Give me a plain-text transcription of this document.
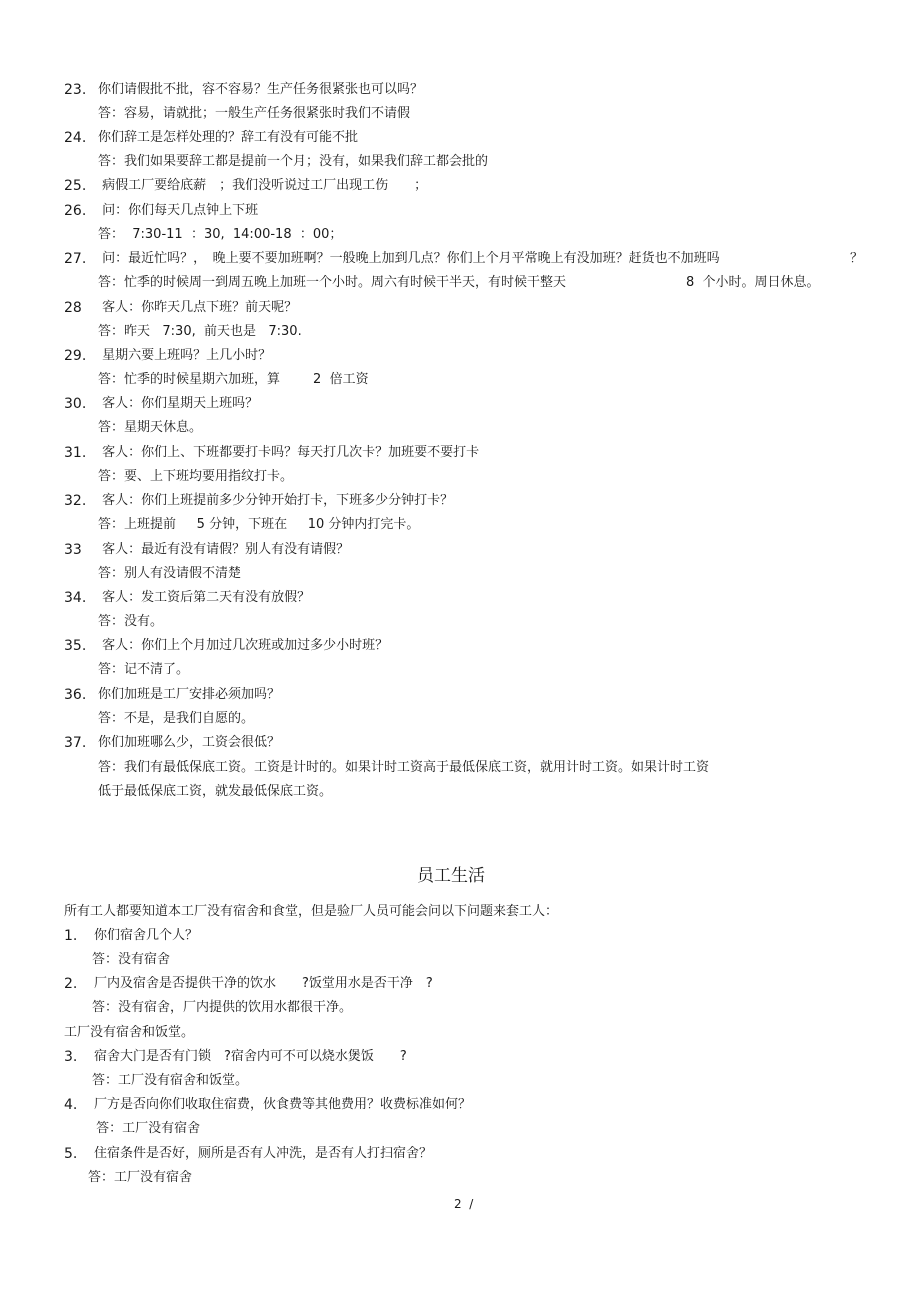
23. 你们请假批不批，容不容易？生产任务很紧张也可以吗？
答：容易，请就批；一般生产任务很紧张时我们不请假
24. 你们辞工是怎样处理的？辞工有没有可能不批
答：我们如果要辞工都是提前一个月；没有，如果我们辞工都会批的
25. 病假工厂要给底薪　；我们没听说过工厂出现工伤　　；
26. 问：你们每天几点钟上下班
答：  7:30-11  ：30,  14:00-18  ：00；
27. 问：最近忙吗？，　晚上要不要加班啊？一般晚上加到几点？你们上个月平常晚上有没加班？赶货也不加班吗	？
答：忙季的时候周一到周五晚上加班一个小时。周六有时候干半天，有时候干整天	8  个小时。周日休息。
28 客人：你昨天几点下班？前天呢？
答：昨天   7:30,  前天也是   7:30.
29. 星期六要上班吗？上几小时？
答：忙季的时候星期六加班，算        2  倍工资
30. 客人：你们星期天上班吗？
答：星期天休息。
31. 客人：你们上、下班都要打卡吗？每天打几次卡？加班要不要打卡
答：要、上下班均要用指纹打卡。
32. 客人：你们上班提前多少分钟开始打卡，下班多少分钟打卡？
答：上班提前     5 分钟，下班在     10 分钟内打完卡。
33 客人：最近有没有请假？别人有没有请假？
答：别人有没请假不清楚
34. 客人：发工资后第二天有没有放假？
答：没有。
35. 客人：你们上个月加过几次班或加过多少小时班？
答：记不清了。
36. 你们加班是工厂安排必须加吗？
答：不是，是我们自愿的。
37. 你们加班哪么少，工资会很低？
答：我们有最低保底工资。工资是计时的。如果计时工资高于最低保底工资，就用计时工资。如果计时工资
低于最低保底工资，就发最低保底工资。
员工生活
所有工人都要知道本工厂没有宿舍和食堂，但是验厂人员可能会问以下问题来套工人：
1. 你们宿舍几个人？
答：没有宿舍
2. 厂内及宿舍是否提供干净的饮水　　?饭堂用水是否干净　?
答：没有宿舍，厂内提供的饮用水都很干净。
工厂没有宿舍和饭堂。
3. 宿舍大门是否有门锁　?宿舍内可不可以烧水煲饭　　?
答：工厂没有宿舍和饭堂。
4. 厂方是否向你们收取住宿费，伙食费等其他费用？收费标准如何？
答：工厂没有宿舍
5. 住宿条件是否好，厕所是否有人冲洗，是否有人打扫宿舍？
答：工厂没有宿舍
2  /
